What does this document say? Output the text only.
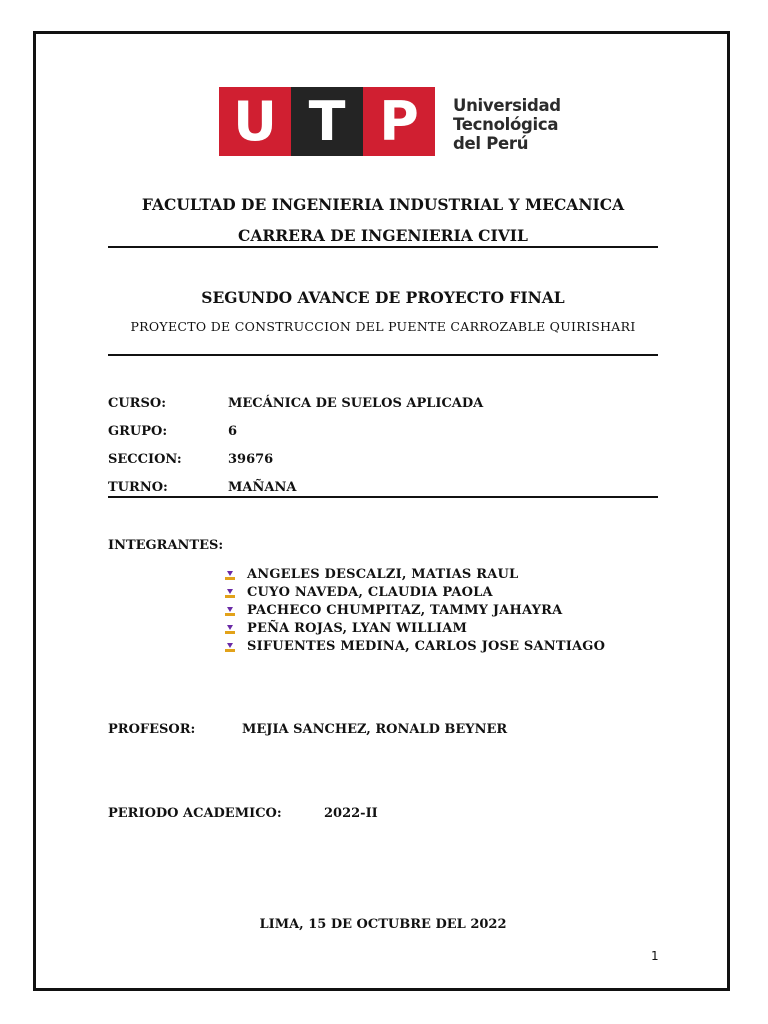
U T P	Universidad
Tecnológica
del Perú
FACULTAD DE INGENIERIA INDUSTRIAL Y MECANICA
CARRERA DE INGENIERIA CIVIL
SEGUNDO AVANCE DE PROYECTO FINAL
PROYECTO DE CONSTRUCCION DEL PUENTE CARROZABLE QUIRISHARI
CURSO:	MECÁNICA DE SUELOS APLICADA
GRUPO:	6
SECCION:	39676
TURNO:	MAÑANA
INTEGRANTES:
ANGELES DESCALZI, MATIAS RAUL
CUYO NAVEDA, CLAUDIA PAOLA
PACHECO CHUMPITAZ, TAMMY JAHAYRA
PEÑA ROJAS, LYAN WILLIAM
SIFUENTES MEDINA, CARLOS JOSE SANTIAGO
PROFESOR:	MEJIA SANCHEZ, RONALD BEYNER
PERIODO ACADEMICO:	2022-II
LIMA, 15 DE OCTUBRE DEL 2022
1
